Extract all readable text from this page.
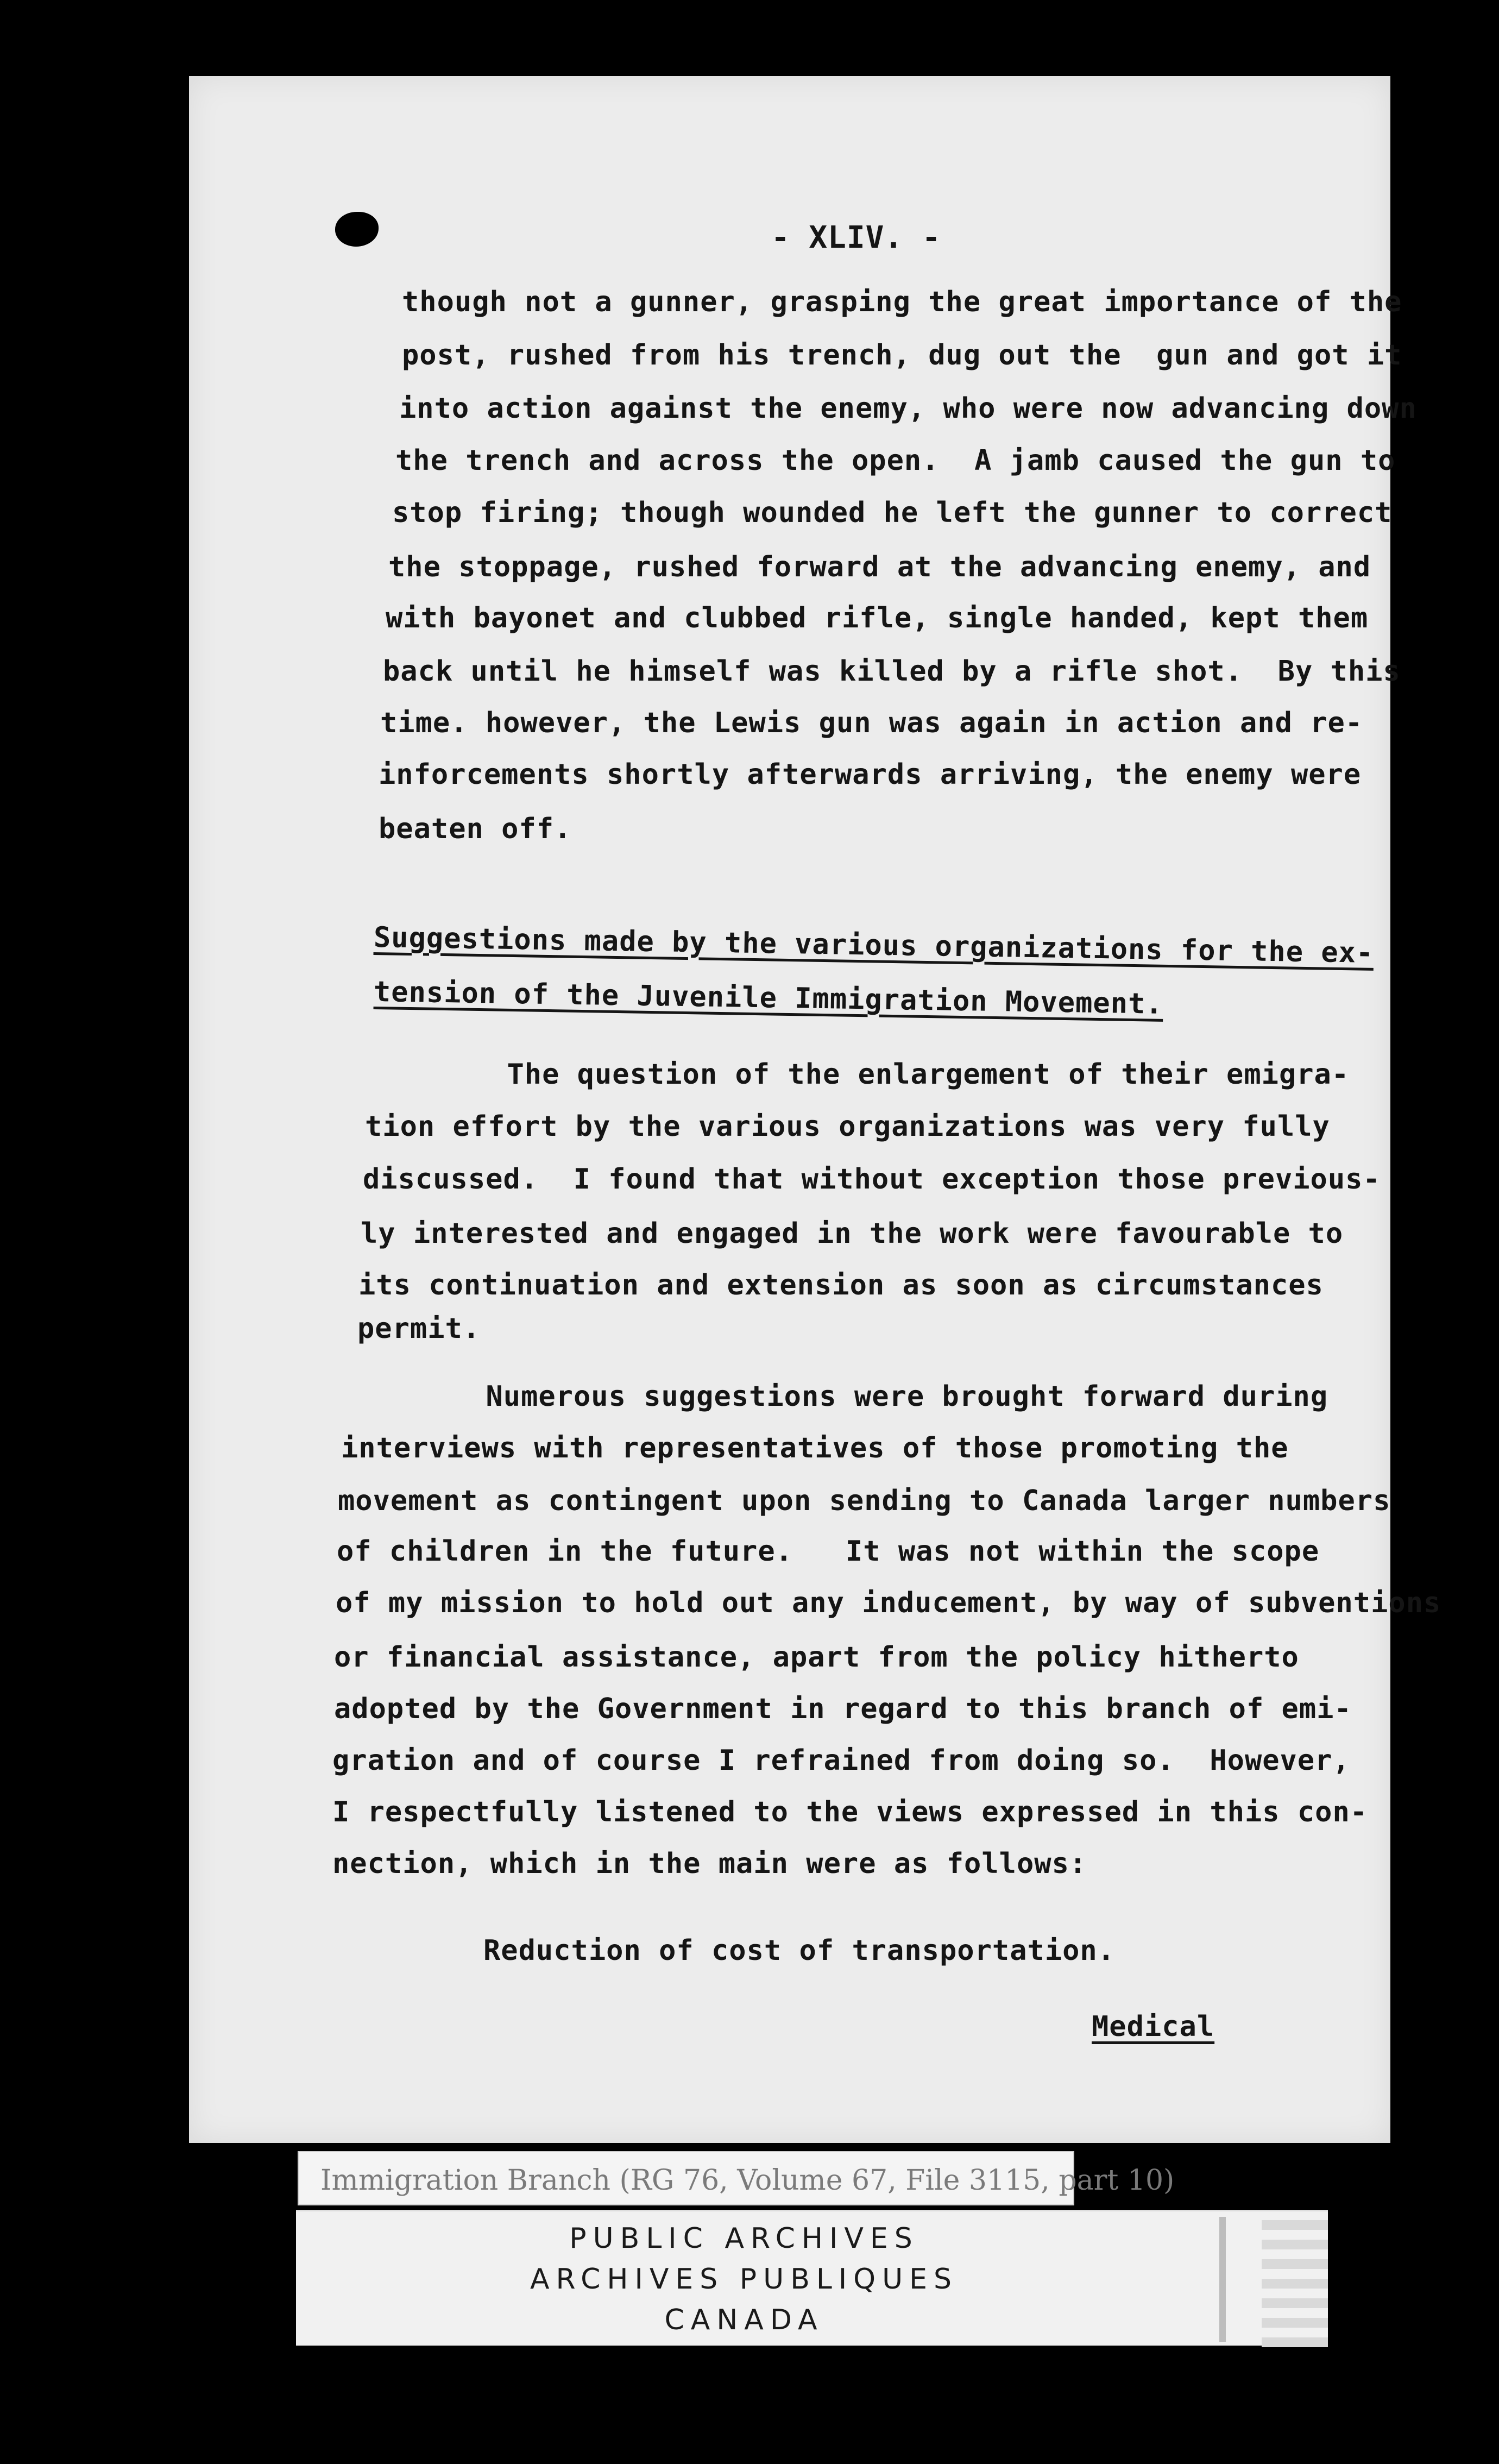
- XLIV. -
though not a gunner, grasping the great importance of the
post, rushed from his trench, dug out the  gun and got it
into action against the enemy, who were now advancing down
the trench and across the open.  A jamb caused the gun to
stop firing; though wounded he left the gunner to correct
the stoppage, rushed forward at the advancing enemy, and
with bayonet and clubbed rifle, single handed, kept them
back until he himself was killed by a rifle shot.  By this
time. however, the Lewis gun was again in action and re-
inforcements shortly afterwards arriving, the enemy were
beaten off.
Suggestions made by the various organizations for the ex-
tension of the Juvenile Immigration Movement.
The question of the enlargement of their emigra-
tion effort by the various organizations was very fully
discussed.  I found that without exception those previous-
ly interested and engaged in the work were favourable to
its continuation and extension as soon as circumstances
permit.
Numerous suggestions were brought forward during
interviews with representatives of those promoting the
movement as contingent upon sending to Canada larger numbers
of children in the future.   It was not within the scope
of my mission to hold out any inducement, by way of subventions
or financial assistance, apart from the policy hitherto
adopted by the Government in regard to this branch of emi-
gration and of course I refrained from doing so.  However,
I respectfully listened to the views expressed in this con-
nection, which in the main were as follows:
Reduction of cost of transportation.
Medical
Immigration Branch (RG 76, Volume 67, File 3115, part 10)
PUBLIC ARCHIVES
ARCHIVES PUBLIQUES
CANADA
